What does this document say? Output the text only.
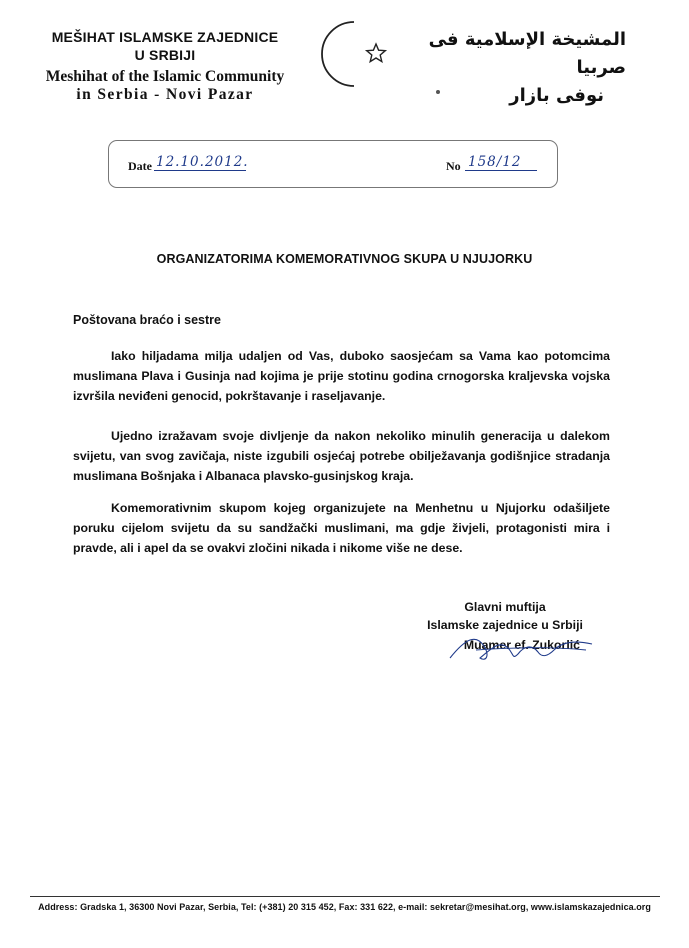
MEŠIHAT ISLAMSKE ZAJEDNICE
U SRBIJI
Meshihat of the Islamic Community
in Serbia - Novi Pazar
المشيخة الإسلامية فى صربيا
نوفى بازار
Date 12.10.2012.	No 158/12
ORGANIZATORIMA KOMEMORATIVNOG SKUPA U NJUJORKU
Poštovana braćo i sestre
Iako hiljadama milja udaljen od Vas, duboko saosjećam sa Vama kao potomcima muslimana Plava i Gusinja nad kojima je prije stotinu godina crnogorska kraljevska vojska izvršila neviđeni genocid, pokrštavanje i raseljavanje.
Ujedno izražavam svoje divljenje da nakon nekoliko minulih generacija u dalekom svijetu, van svog zavičaja, niste izgubili osjećaj potrebe obilježavanja godišnjice stradanja muslimana Bošnjaka i Albanaca plavsko-gusinjskog kraja.
Komemorativnim skupom kojeg organizujete na Menhetnu u Njujorku odašiljete poruku cijelom svijetu da su sandžački muslimani, ma gdje živjeli, protagonisti mira i pravde, ali i apel da se ovakvi zločini nikada i nikome više ne dese.
Glavni muftija
Islamske zajednice u Srbiji
Muamer ef. Zukorlić
Address: Gradska 1, 36300 Novi Pazar, Serbia, Tel: (+381) 20 315 452, Fax: 331 622, e-mail: sekretar@mesihat.org, www.islamskazajednica.org
